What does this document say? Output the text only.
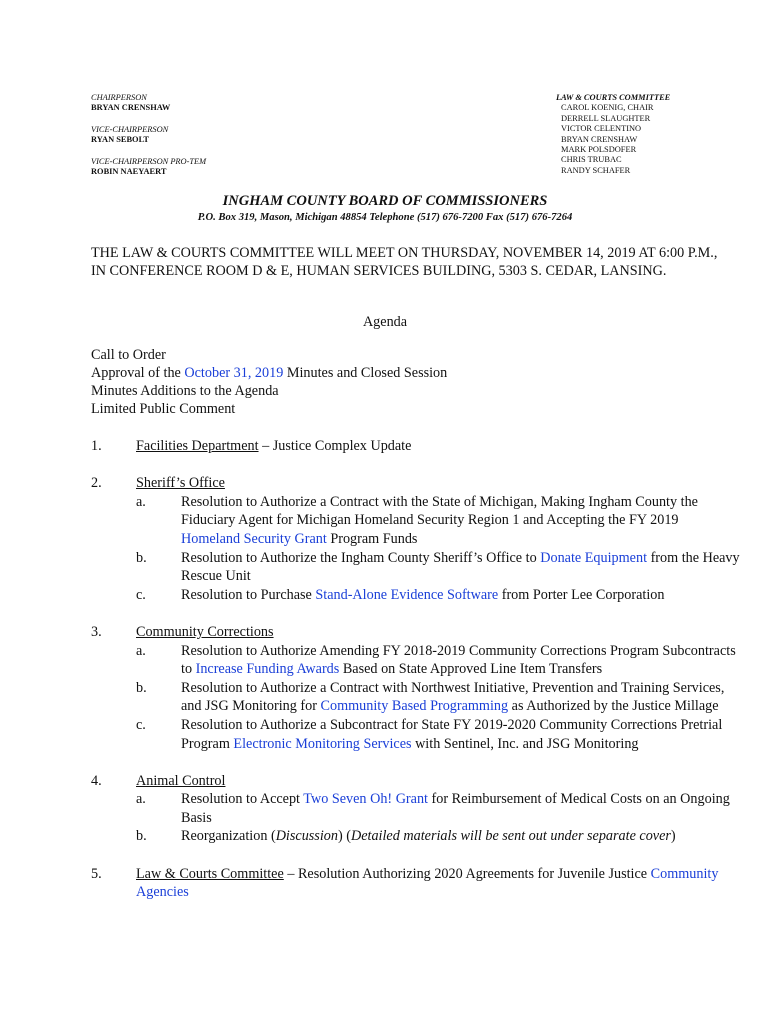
CHAIRPERSON
BRYAN CRENSHAW
VICE-CHAIRPERSON
RYAN SEBOLT
VICE-CHAIRPERSON PRO-TEM
ROBIN NAEYAERT
LAW & COURTS COMMITTEE
CAROL KOENIG, CHAIR
DERRELL SLAUGHTER
VICTOR CELENTINO
BRYAN CRENSHAW
MARK POLSDOFER
CHRIS TRUBAC
RANDY SCHAFER
INGHAM COUNTY BOARD OF COMMISSIONERS
P.O. Box 319, Mason, Michigan 48854 Telephone (517) 676-7200 Fax (517) 676-7264
THE LAW & COURTS COMMITTEE WILL MEET ON THURSDAY, NOVEMBER 14, 2019 AT 6:00 P.M., IN CONFERENCE ROOM D & E, HUMAN SERVICES BUILDING, 5303 S. CEDAR, LANSING.
Agenda
Call to Order
Approval of the October 31, 2019 Minutes and Closed Session
Minutes Additions to the Agenda
Limited Public Comment
1. Facilities Department – Justice Complex Update
2. Sheriff’s Office
a. Resolution to Authorize a Contract with the State of Michigan, Making Ingham County the Fiduciary Agent for Michigan Homeland Security Region 1 and Accepting the FY 2019 Homeland Security Grant Program Funds
b. Resolution to Authorize the Ingham County Sheriff’s Office to Donate Equipment from the Heavy Rescue Unit
c. Resolution to Purchase Stand-Alone Evidence Software from Porter Lee Corporation
3. Community Corrections
a. Resolution to Authorize Amending FY 2018-2019 Community Corrections Program Subcontracts to Increase Funding Awards Based on State Approved Line Item Transfers
b. Resolution to Authorize a Contract with Northwest Initiative, Prevention and Training Services, and JSG Monitoring for Community Based Programming as Authorized by the Justice Millage
c. Resolution to Authorize a Subcontract for State FY 2019-2020 Community Corrections Pretrial Program Electronic Monitoring Services with Sentinel, Inc. and JSG Monitoring
4. Animal Control
a. Resolution to Accept Two Seven Oh! Grant for Reimbursement of Medical Costs on an Ongoing Basis
b. Reorganization (Discussion) (Detailed materials will be sent out under separate cover)
5. Law & Courts Committee – Resolution Authorizing 2020 Agreements for Juvenile Justice Community Agencies
